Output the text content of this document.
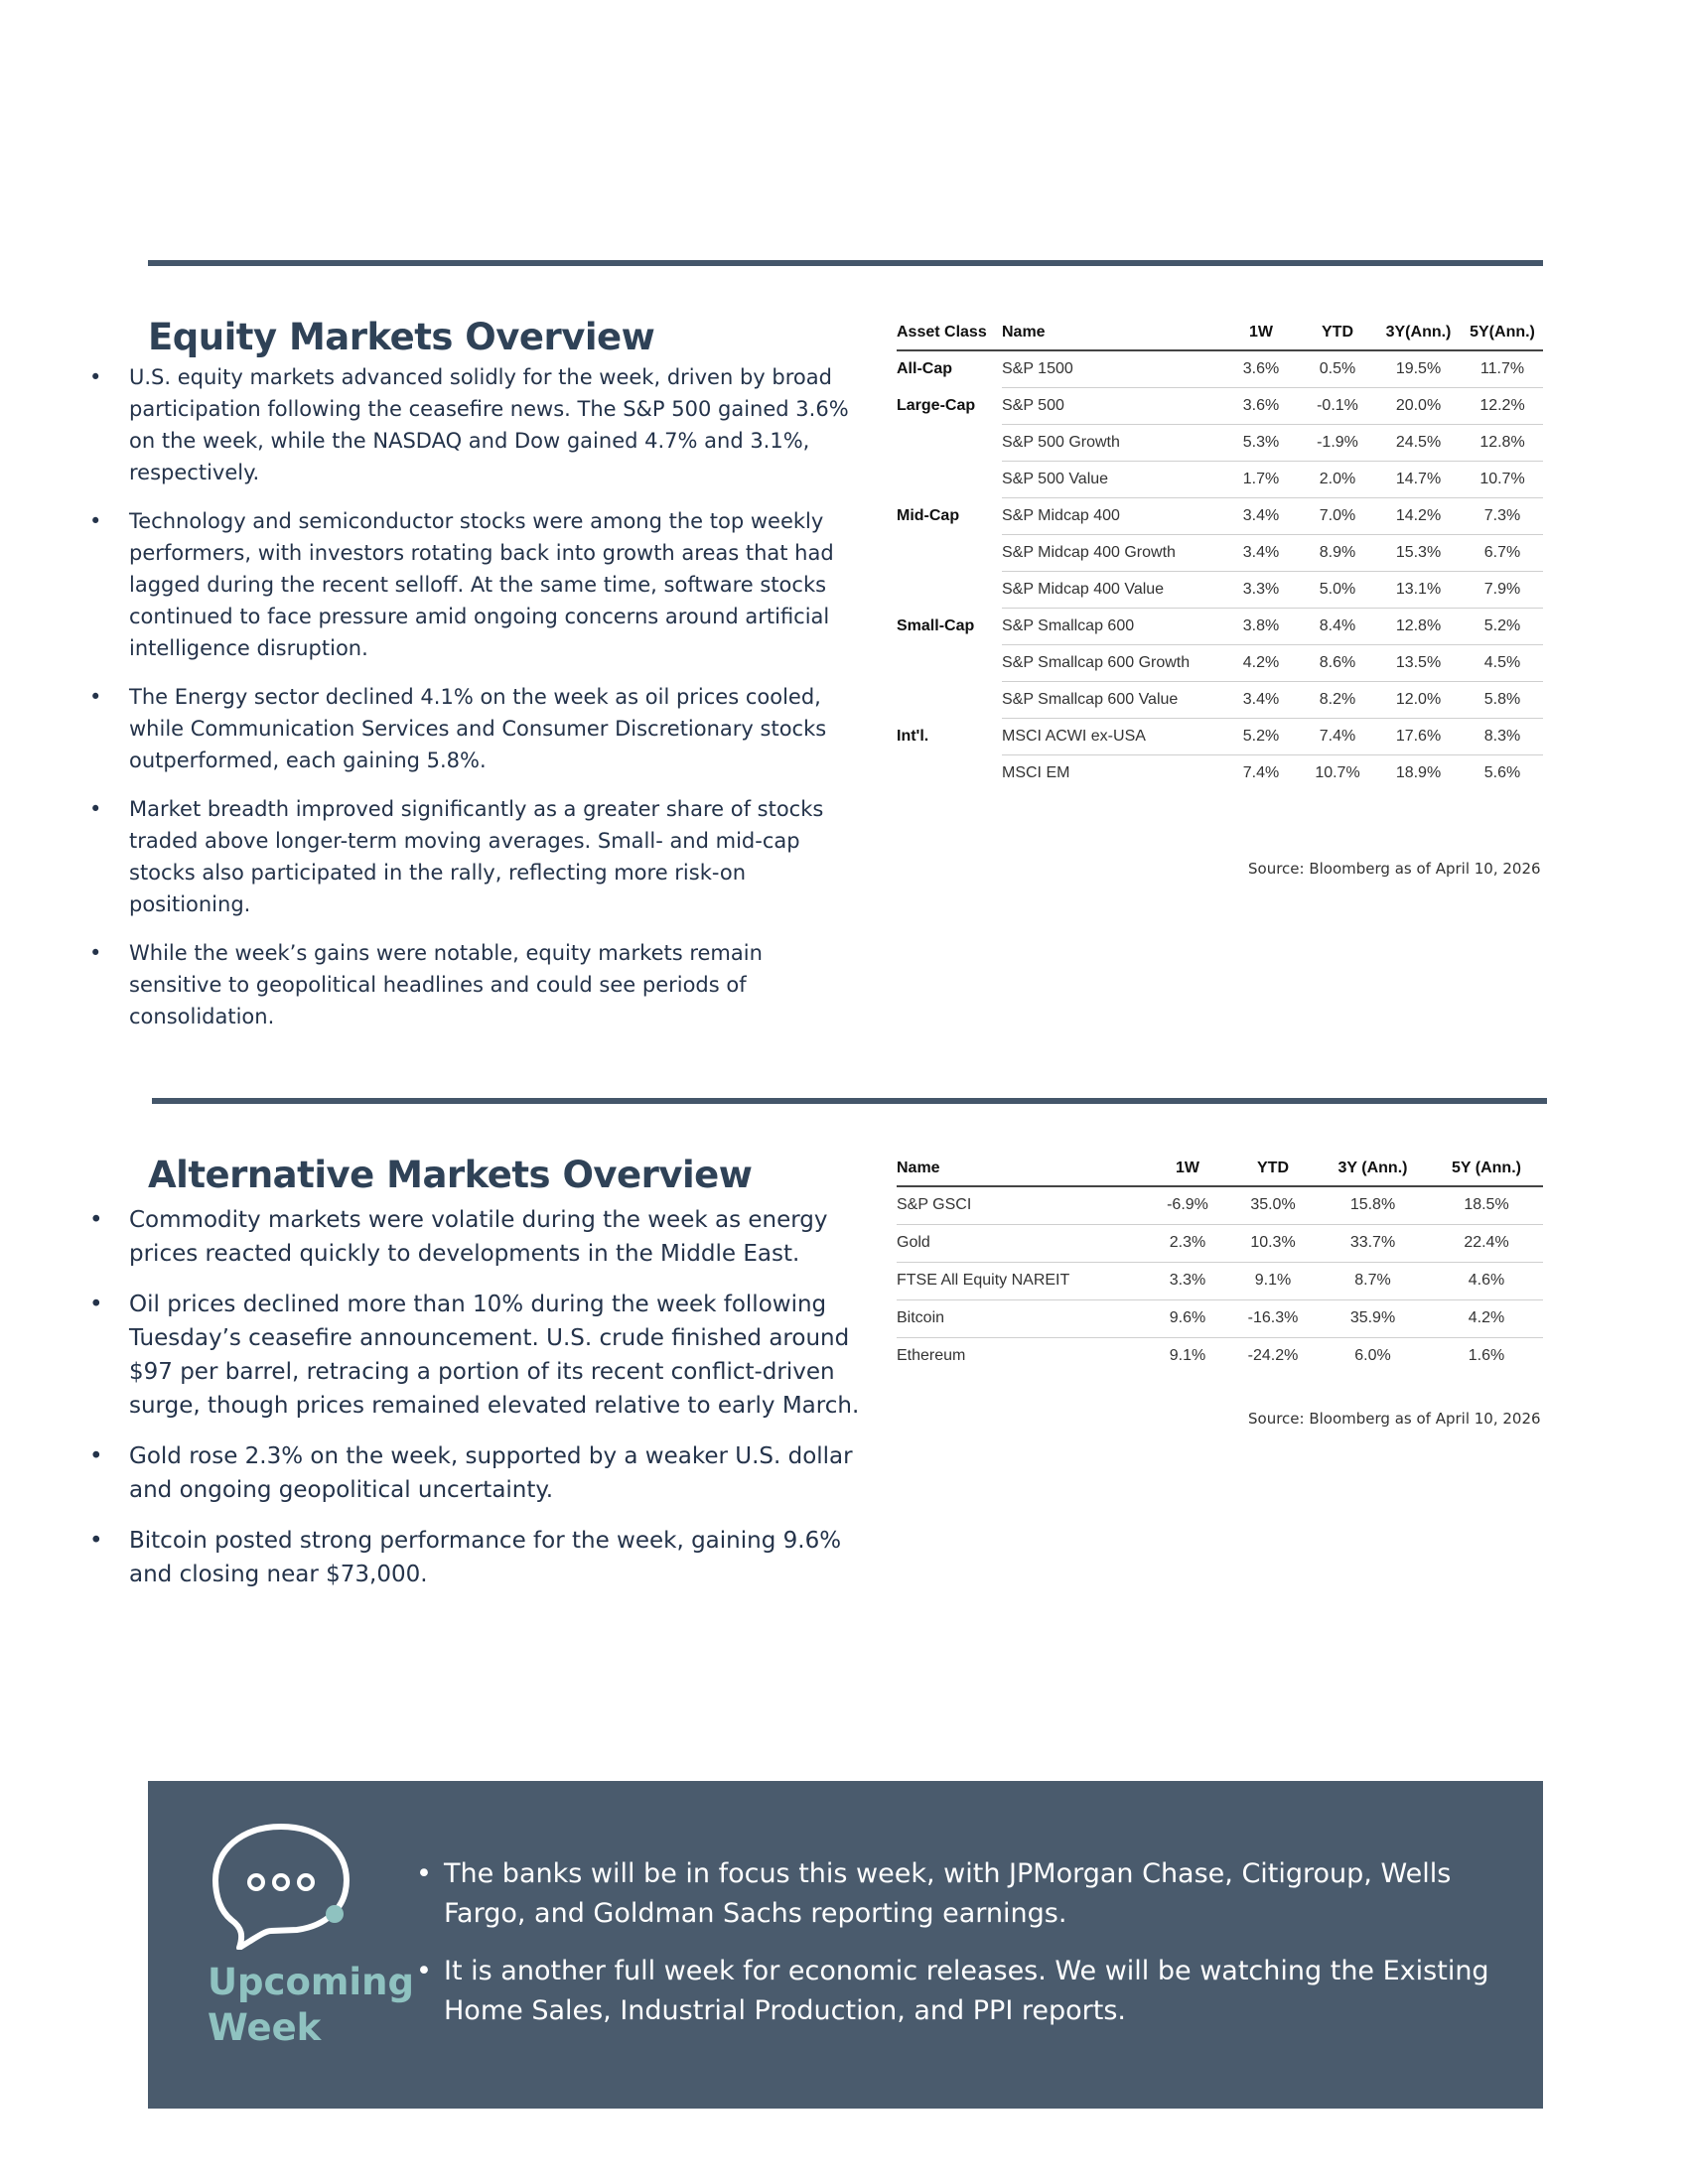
Equity Markets Overview
• U.S. equity markets advanced solidly for the week, driven by broad participation following the ceasefire news. The S&P 500 gained 3.6% on the week, while the NASDAQ and Dow gained 4.7% and 3.1%, respectively.
• Technology and semiconductor stocks were among the top weekly performers, with investors rotating back into growth areas that had lagged during the recent selloff. At the same time, software stocks continued to face pressure amid ongoing concerns around artificial intelligence disruption.
• The Energy sector declined 4.1% on the week as oil prices cooled, while Communication Services and Consumer Discretionary stocks outperformed, each gaining 5.8%.
• Market breadth improved significantly as a greater share of stocks traded above longer-term moving averages. Small- and mid-cap stocks also participated in the rally, reflecting more risk-on positioning.
• While the week’s gains were notable, equity markets remain sensitive to geopolitical headlines and could see periods of consolidation.
Asset Class	Name	1W	YTD	3Y(Ann.)	5Y(Ann.)
All-Cap	S&P 1500	3.6%	0.5%	19.5%	11.7%
Large-Cap	S&P 500	3.6%	-0.1%	20.0%	12.2%
	S&P 500 Growth	5.3%	-1.9%	24.5%	12.8%
	S&P 500 Value	1.7%	2.0%	14.7%	10.7%
Mid-Cap	S&P Midcap 400	3.4%	7.0%	14.2%	7.3%
	S&P Midcap 400 Growth	3.4%	8.9%	15.3%	6.7%
	S&P Midcap 400 Value	3.3%	5.0%	13.1%	7.9%
Small-Cap	S&P Smallcap 600	3.8%	8.4%	12.8%	5.2%
	S&P Smallcap 600 Growth	4.2%	8.6%	13.5%	4.5%
	S&P Smallcap 600 Value	3.4%	8.2%	12.0%	5.8%
Int'l.	MSCI ACWI ex-USA	5.2%	7.4%	17.6%	8.3%
	MSCI EM	7.4%	10.7%	18.9%	5.6%
Source: Bloomberg as of April 10, 2026
Alternative Markets Overview
• Commodity markets were volatile during the week as energy prices reacted quickly to developments in the Middle East.
• Oil prices declined more than 10% during the week following Tuesday’s ceasefire announcement. U.S. crude finished around $97 per barrel, retracing a portion of its recent conflict-driven surge, though prices remained elevated relative to early March.
• Gold rose 2.3% on the week, supported by a weaker U.S. dollar and ongoing geopolitical uncertainty.
• Bitcoin posted strong performance for the week, gaining 9.6% and closing near $73,000.
Name	1W	YTD	3Y (Ann.)	5Y (Ann.)
S&P GSCI	-6.9%	35.0%	15.8%	18.5%
Gold	2.3%	10.3%	33.7%	22.4%
FTSE All Equity NAREIT	3.3%	9.1%	8.7%	4.6%
Bitcoin	9.6%	-16.3%	35.9%	4.2%
Ethereum	9.1%	-24.2%	6.0%	1.6%
Source: Bloomberg as of April 10, 2026
Upcoming Week
• The banks will be in focus this week, with JPMorgan Chase, Citigroup, Wells Fargo, and Goldman Sachs reporting earnings.
• It is another full week for economic releases. We will be watching the Existing Home Sales, Industrial Production, and PPI reports.
